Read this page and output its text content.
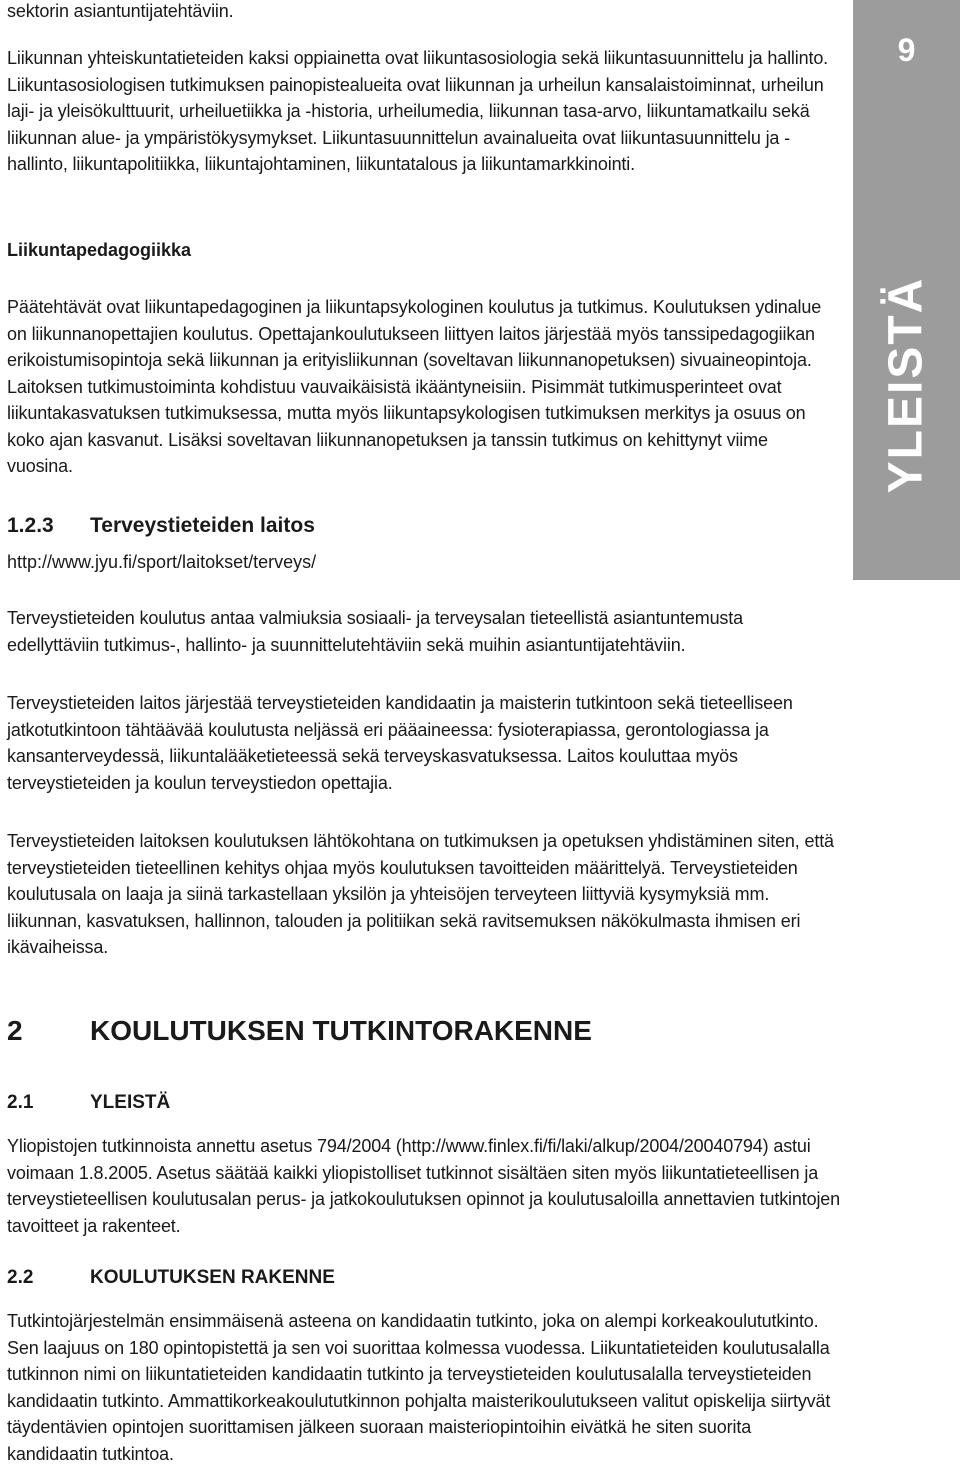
9
YLEISTÄ

sektorin asiantuntijatehtäviin.

Liikunnan yhteiskuntatieteiden kaksi oppiainetta ovat liikuntasosiologia sekä liikuntasuunnittelu ja hallinto. Liikuntasosiologisen tutkimuksen painopistealueita ovat liikunnan ja urheilun kansalaistoiminnat, urheilun laji- ja yleisökulttuurit, urheiluetiikka ja -historia, urheilumedia, liikunnan tasa-arvo, liikuntamatkailu sekä liikunnan alue- ja ympäristökysymykset. Liikuntasuunnittelun avainalueita ovat liikuntasuunnittelu ja -hallinto, liikuntapolitiikka, liikuntajohtaminen, liikuntatalous ja liikuntamarkkinointi.

Liikuntapedagogiikka

Päätehtävät ovat liikuntapedagoginen ja liikuntapsykologinen koulutus ja tutkimus. Koulutuksen ydinalue on liikunnanopettajien koulutus. Opettajankoulutukseen liittyen laitos järjestää myös tanssipedagogiikan erikoistumisopintoja sekä liikunnan ja erityisliikunnan (soveltavan liikunnanopetuksen) sivuaineopintoja. Laitoksen tutkimustoiminta kohdistuu vauvaikäisistä ikääntyneisiin. Pisimmät tutkimusperinteet ovat liikuntakasvatuksen tutkimuksessa, mutta myös liikuntapsykologisen tutkimuksen merkitys ja osuus on koko ajan kasvanut. Lisäksi soveltavan liikunnanopetuksen ja tanssin tutkimus on kehittynyt viime vuosina.

1.2.3 Terveystieteiden laitos

http://www.jyu.fi/sport/laitokset/terveys/

Terveystieteiden koulutus antaa valmiuksia sosiaali- ja terveysalan tieteellistä asiantuntemusta edellyttäviin tutkimus-, hallinto- ja suunnittelutehtäviin sekä muihin asiantuntijatehtäviin.

Terveystieteiden laitos järjestää terveystieteiden kandidaatin ja maisterin tutkintoon sekä tieteelliseen jatkotutkintoon tähtäävää koulutusta neljässä eri pääaineessa: fysioterapiassa, gerontologiassa ja kansanterveydessä, liikuntalääketieteessä sekä terveyskasvatuksessa. Laitos kouluttaa myös terveystieteiden ja koulun terveystiedon opettajia.

Terveystieteiden laitoksen koulutuksen lähtökohtana on tutkimuksen ja opetuksen yhdistäminen siten, että terveystieteiden tieteellinen kehitys ohjaa myös koulutuksen tavoitteiden määrittelyä. Terveystieteiden koulutusala on laaja ja siinä tarkastellaan yksilön ja yhteisöjen terveyteen liittyviä kysymyksiä mm. liikunnan, kasvatuksen, hallinnon, talouden ja politiikan sekä ravitsemuksen näkökulmasta ihmisen eri ikävaiheissa.

2 KOULUTUKSEN TUTKINTORAKENNE

2.1	YLEISTÄ

Yliopistojen tutkinnoista annettu asetus 794/2004 (http://www.finlex.fi/fi/laki/alkup/2004/20040794) astui voimaan 1.8.2005. Asetus säätää kaikki yliopistolliset tutkinnot sisältäen siten myös liikuntatieteellisen ja terveystieteellisen koulutusalan perus- ja jatkokoulutuksen opinnot ja koulutusaloilla annettavien tutkintojen tavoitteet ja rakenteet.

2.2	KOULUTUKSEN RAKENNE

Tutkintojärjestelmän ensimmäisenä asteena on kandidaatin tutkinto, joka on alempi korkeakoulututkinto. Sen laajuus on 180 opintopistettä ja sen voi suorittaa kolmessa vuodessa. Liikuntatieteiden koulutusalalla tutkinnon nimi on liikuntatieteiden kandidaatin tutkinto ja terveystieteiden koulutusalalla terveystieteiden kandidaatin tutkinto. Ammattikorkeakoulututkinnon pohjalta maisterikoulutukseen valitut opiskelija siirtyvät täydentävien opintojen suorittamisen jälkeen suoraan maisteriopintoihin eivätkä he siten suorita kandidaatin tutkintoa.
